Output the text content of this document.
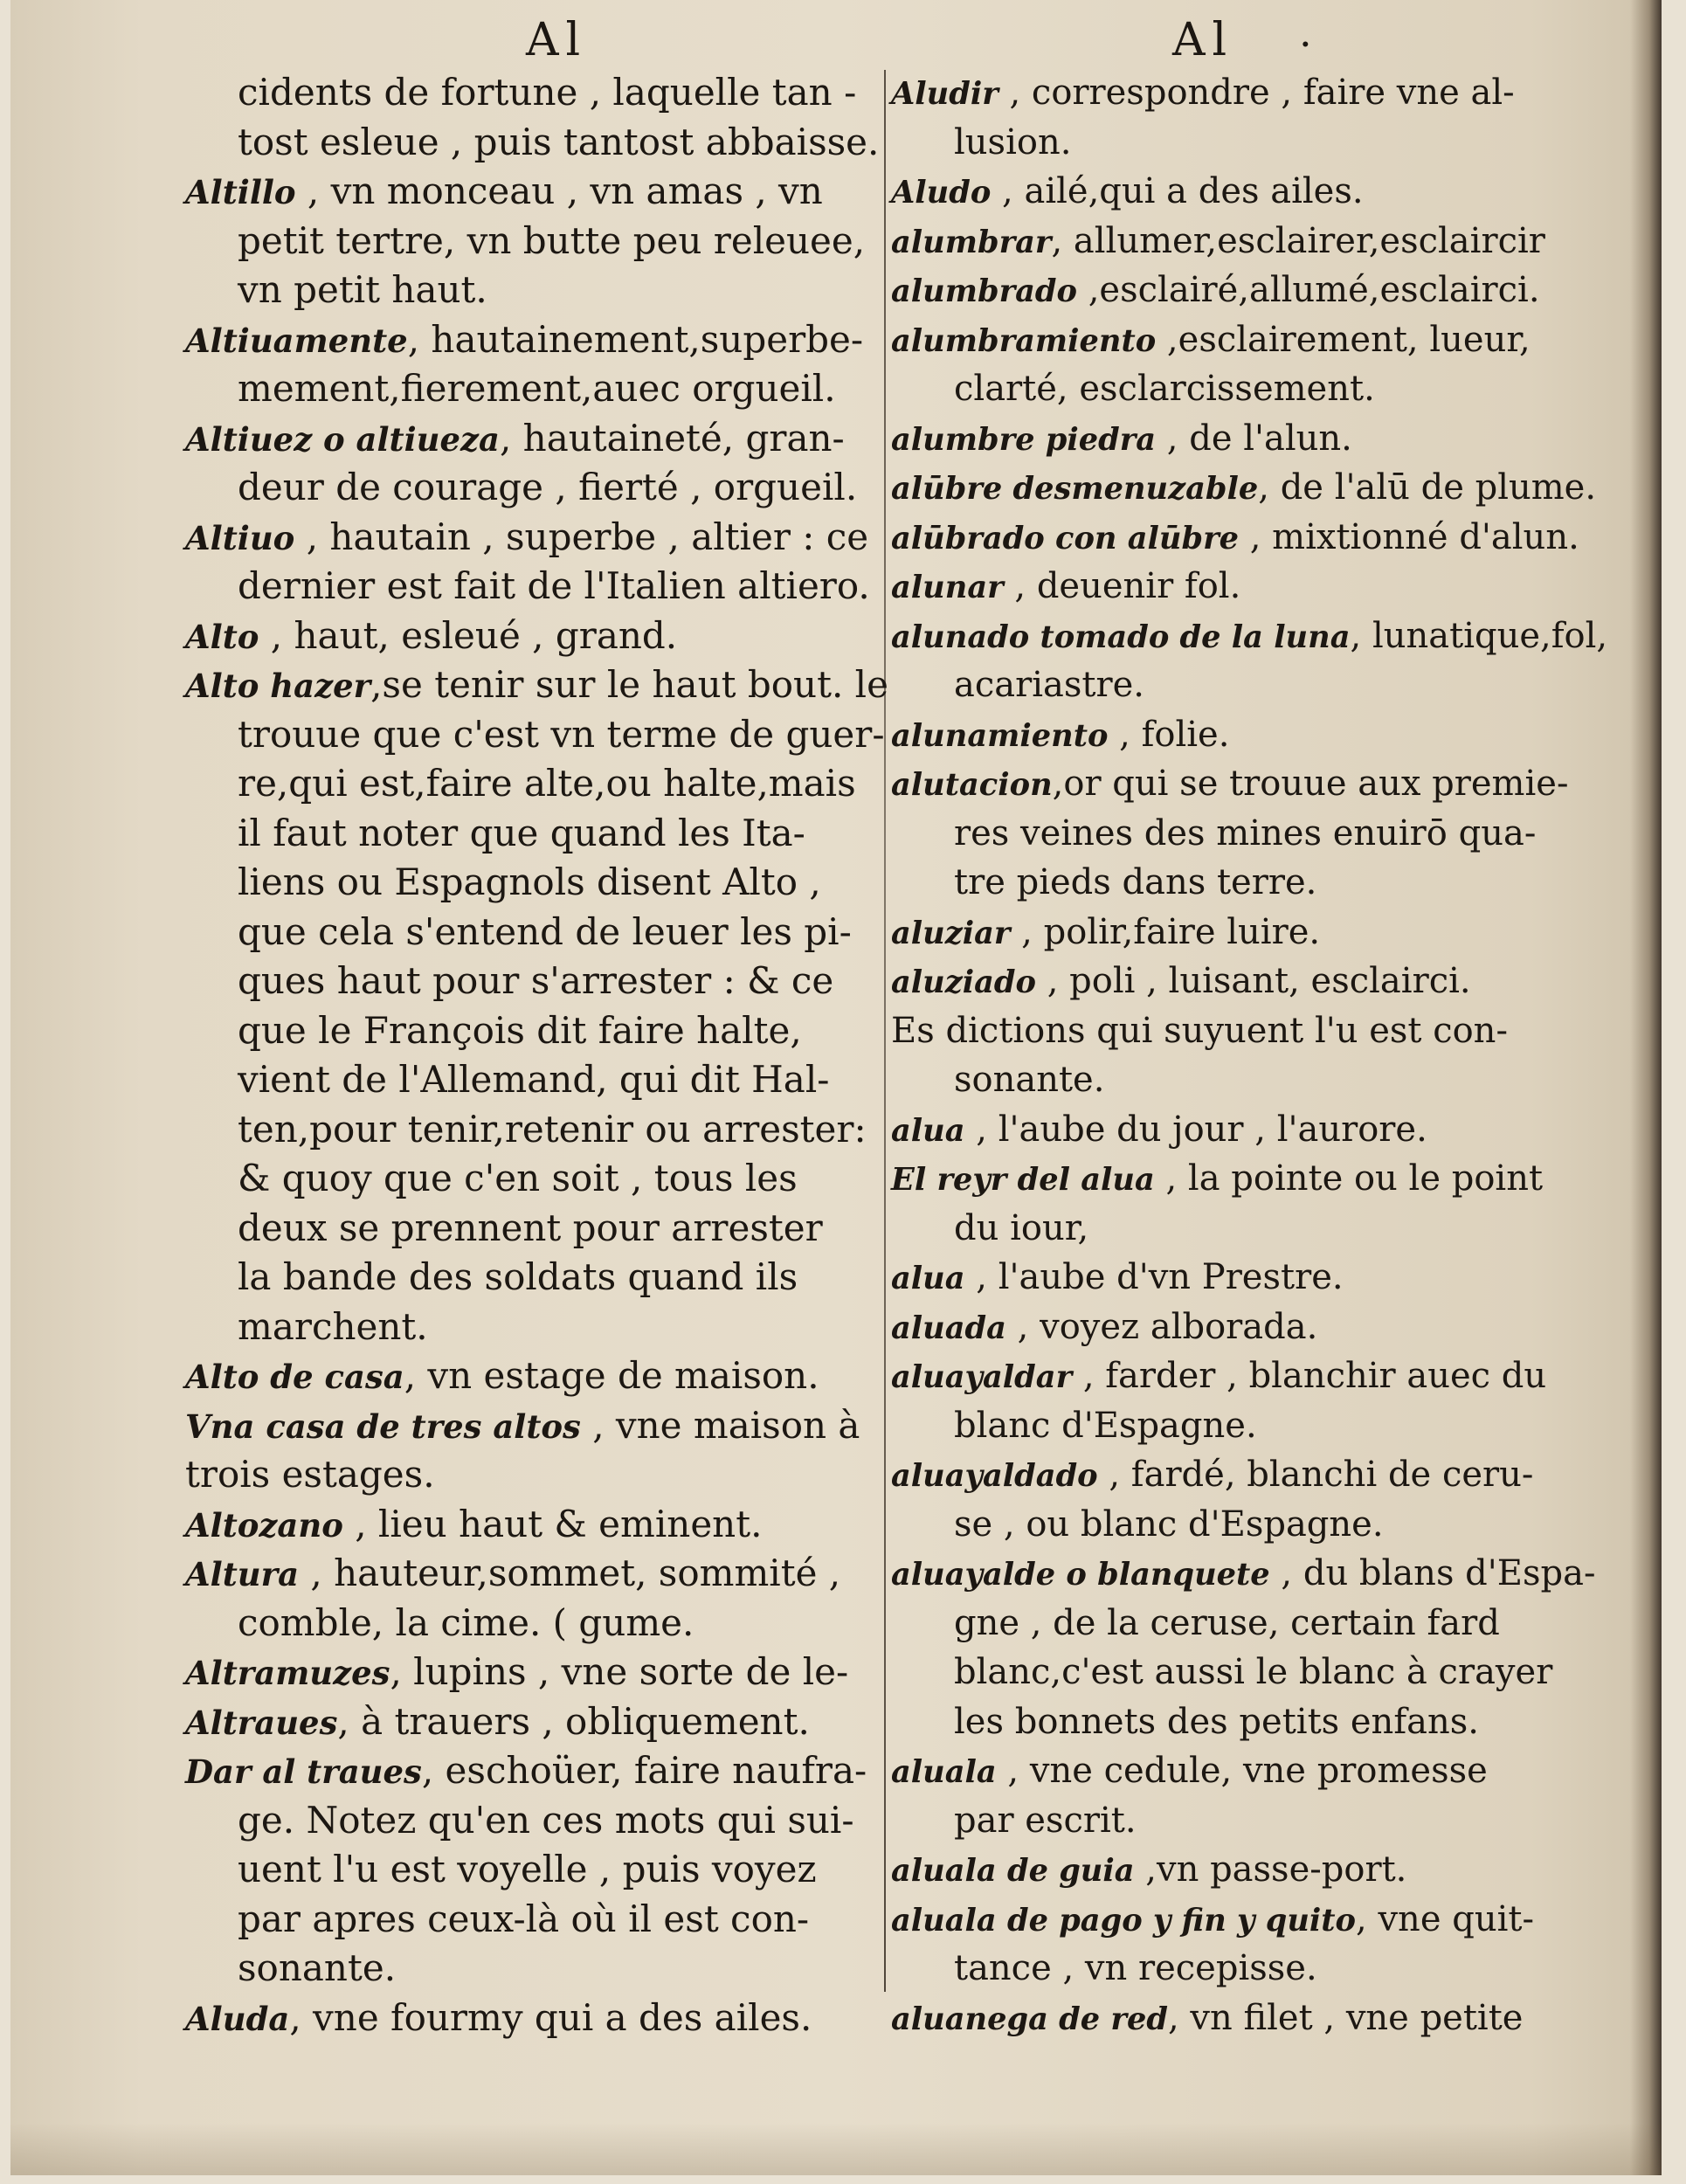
Al	Al .
cidents de fortune , laquelle tan -
tost esleue , puis tantost abbaisse.
Altillo , vn monceau , vn amas , vn
petit tertre, vn butte peu releuee,
vn petit haut.
Altiuamente, hautainement,superbe-
mement,fierement,auec orgueil.
Altiuez o altiueza, hautaineté, gran-
deur de courage , fierté , orgueil.
Altiuo , hautain , superbe , altier : ce
dernier est fait de l'Italien altiero.
Alto , haut, esleué , grand.
Alto hazer,se tenir sur le haut bout. le
trouue que c'est vn terme de guer-
re,qui est,faire alte,ou halte,mais
il faut noter que quand les Ita-
liens ou Espagnols disent Alto ,
que cela s'entend de leuer les pi-
ques haut pour s'arrester : & ce
que le François dit faire halte,
vient de l'Allemand, qui dit Hal-
ten,pour tenir,retenir ou arrester:
& quoy que c'en soit , tous les
deux se prennent pour arrester
la bande des soldats quand ils
marchent.
Alto de casa, vn estage de maison.
Vna casa de tres altos , vne maison à
trois estages.
Altozano , lieu haut & eminent.
Altura , hauteur,sommet, sommité ,
comble, la cime. ( gume.
Altramuzes, lupins , vne sorte de le-
Altraues, à trauers , obliquement.
Dar al traues, eschoüer, faire naufra-
ge. Notez qu'en ces mots qui sui-
uent l'u est voyelle , puis voyez
par apres ceux-là où il est con-
sonante.
Aluda, vne fourmy qui a des ailes.
Aludir , correspondre , faire vne al-
lusion.
Aludo , ailé,qui a des ailes.
alumbrar, allumer,esclairer,esclaircir
alumbrado ,esclairé,allumé,esclairci.
alumbramiento ,esclairement, lueur,
clarté, esclarcissement.
alumbre piedra , de l'alun.
alūbre desmenuzable, de l'alū de plume.
alūbrado con alūbre , mixtionné d'alun.
alunar , deuenir fol.
alunado tomado de la luna, lunatique,fol,
acariastre.
alunamiento , folie.
alutacion,or qui se trouue aux premie-
res veines des mines enuirō qua-
tre pieds dans terre.
aluziar , polir,faire luire.
aluziado , poli , luisant, esclairci.
Es dictions qui suyuent l'u est con-
sonante.
alua , l'aube du jour , l'aurore.
El reyr del alua , la pointe ou le point
du iour,
alua , l'aube d'vn Prestre.
aluada , voyez alborada.
aluayaldar , farder , blanchir auec du
blanc d'Espagne.
aluayaldado , fardé, blanchi de ceru-
se , ou blanc d'Espagne.
aluayalde o blanquete , du blans d'Espa-
gne , de la ceruse, certain fard
blanc,c'est aussi le blanc à crayer
les bonnets des petits enfans.
aluala , vne cedule, vne promesse
par escrit.
aluala de guia ,vn passe-port.
aluala de pago y fin y quito, vne quit-
tance , vn recepisse.
aluanega de red, vn filet , vne petite
